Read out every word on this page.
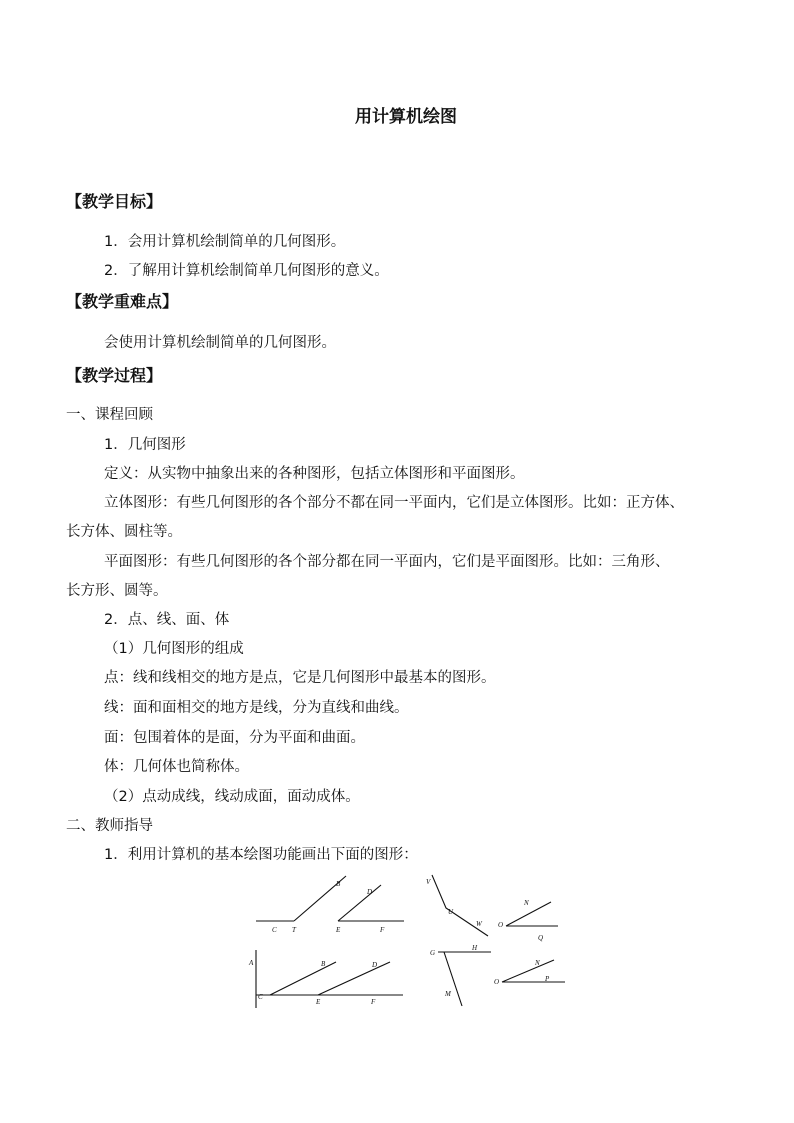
用计算机绘图
【教学目标】
1．会用计算机绘制简单的几何图形。
2．了解用计算机绘制简单几何图形的意义。
【教学重难点】
会使用计算机绘制简单的几何图形。
【教学过程】
一、课程回顾
1．几何图形
定义：从实物中抽象出来的各种图形，包括立体图形和平面图形。
立体图形：有些几何图形的各个部分不都在同一平面内，它们是立体图形。比如：正方体、
长方体、圆柱等。
平面图形：有些几何图形的各个部分都在同一平面内，它们是平面图形。比如：三角形、
长方形、圆等。
2．点、线、面、体
（1）几何图形的组成
点：线和线相交的地方是点，它是几何图形中最基本的图形。
线：面和面相交的地方是线，分为直线和曲线。
面：包围着体的是面，分为平面和曲面。
体：几何体也简称体。
（2）点动成线，线动成面，面动成体。
二、教师指导
1．利用计算机的基本绘图功能画出下面的图形：
B
D
C T	E	F
V
U
W O
N
Q
A	B	D
C
E	F
G
H
M
O
N
P
